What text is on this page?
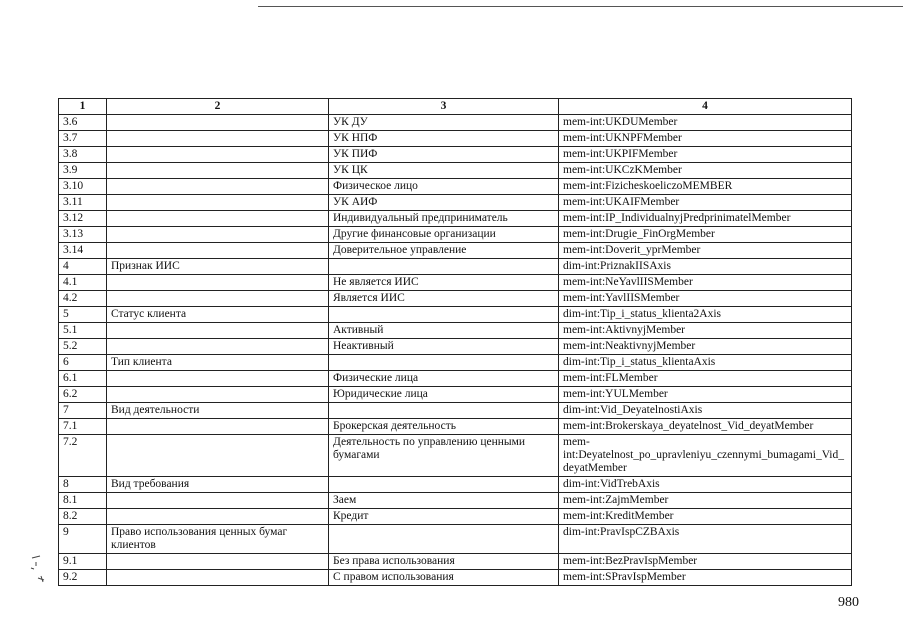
1	2	3	4
3.6		УК ДУ	mem-int:UKDUMember
3.7		УК НПФ	mem-int:UKNPFMember
3.8		УК ПИФ	mem-int:UKPIFMember
3.9		УК ЦК	mem-int:UKCzKMember
3.10		Физическое лицо	mem-int:FizicheskoeliczoMEMBER
3.11		УК АИФ	mem-int:UKAIFMember
3.12		Индивидуальный предприниматель	mem-int:IP_IndividualnyjPredprinimatelMember
3.13		Другие финансовые организации	mem-int:Drugie_FinOrgMember
3.14		Доверительное управление	mem-int:Doverit_yprMember
4	Признак ИИС		dim-int:PriznakIISAxis
4.1		Не является ИИС	mem-int:NeYavlIISMember
4.2		Является ИИС	mem-int:YavlIISMember
5	Статус клиента		dim-int:Tip_i_status_klienta2Axis
5.1		Активный	mem-int:AktivnyjMember
5.2		Неактивный	mem-int:NeaktivnyjMember
6	Тип клиента		dim-int:Tip_i_status_klientaAxis
6.1		Физические лица	mem-int:FLMember
6.2		Юридические лица	mem-int:YULMember
7	Вид деятельности		dim-int:Vid_DeyatelnostiAxis
7.1		Брокерская деятельность	mem-int:Brokerskaya_deyatelnost_Vid_deyatMember
7.2		Деятельность по управлению ценными бумагами	mem-int:Deyatelnost_po_upravleniyu_czennymi_bumagami_Vid_deyatMember
8	Вид требования		dim-int:VidTrebAxis
8.1		Заем	mem-int:ZajmMember
8.2		Кредит	mem-int:KreditMember
9	Право использования ценных бумаг клиентов		dim-int:PravIspCZBAxis
9.1		Без права использования	mem-int:BezPravIspMember
9.2		С правом использования	mem-int:SPravIspMember
980
